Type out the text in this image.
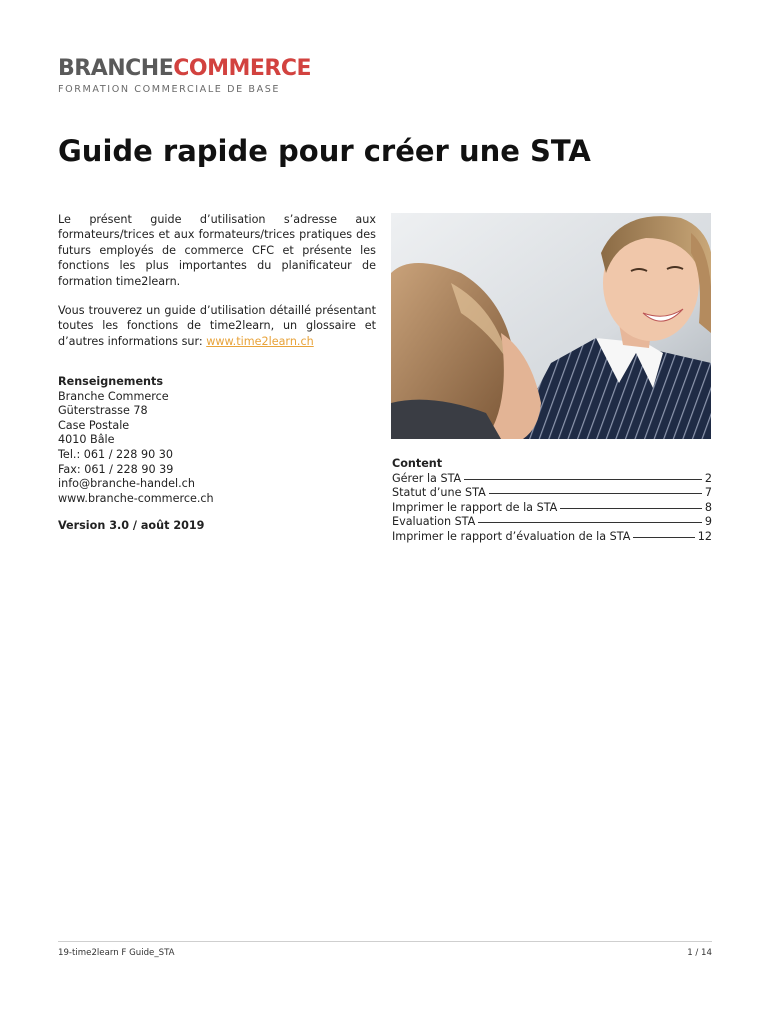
BRANCHECOMMERCE
FORMATION COMMERCIALE DE BASE
Guide rapide pour créer une STA

Le présent guide d’utilisation s’adresse aux formateurs/trices et aux formateurs/trices pratiques des futurs employés de commerce CFC et présente les fonctions les plus importantes du planificateur de formation time2learn.

Vous trouverez un guide d’utilisation détaillé présentant toutes les fonctions de time2learn, un glossaire et d’autres informations sur: www.time2learn.ch

Renseignements
Branche Commerce
Güterstrasse 78
Case Postale
4010 Bâle
Tel.: 061 / 228 90 30
Fax: 061 / 228 90 39
info@branche-handel.ch
www.branche-commerce.ch
Version 3.0 / août 2019
Content
Gérer la STA	2
Statut d’une STA	7
Imprimer le rapport de la STA	8
Evaluation STA	9
Imprimer le rapport d’évaluation de la STA	12
19-time2learn F Guide_STA	1 / 14
